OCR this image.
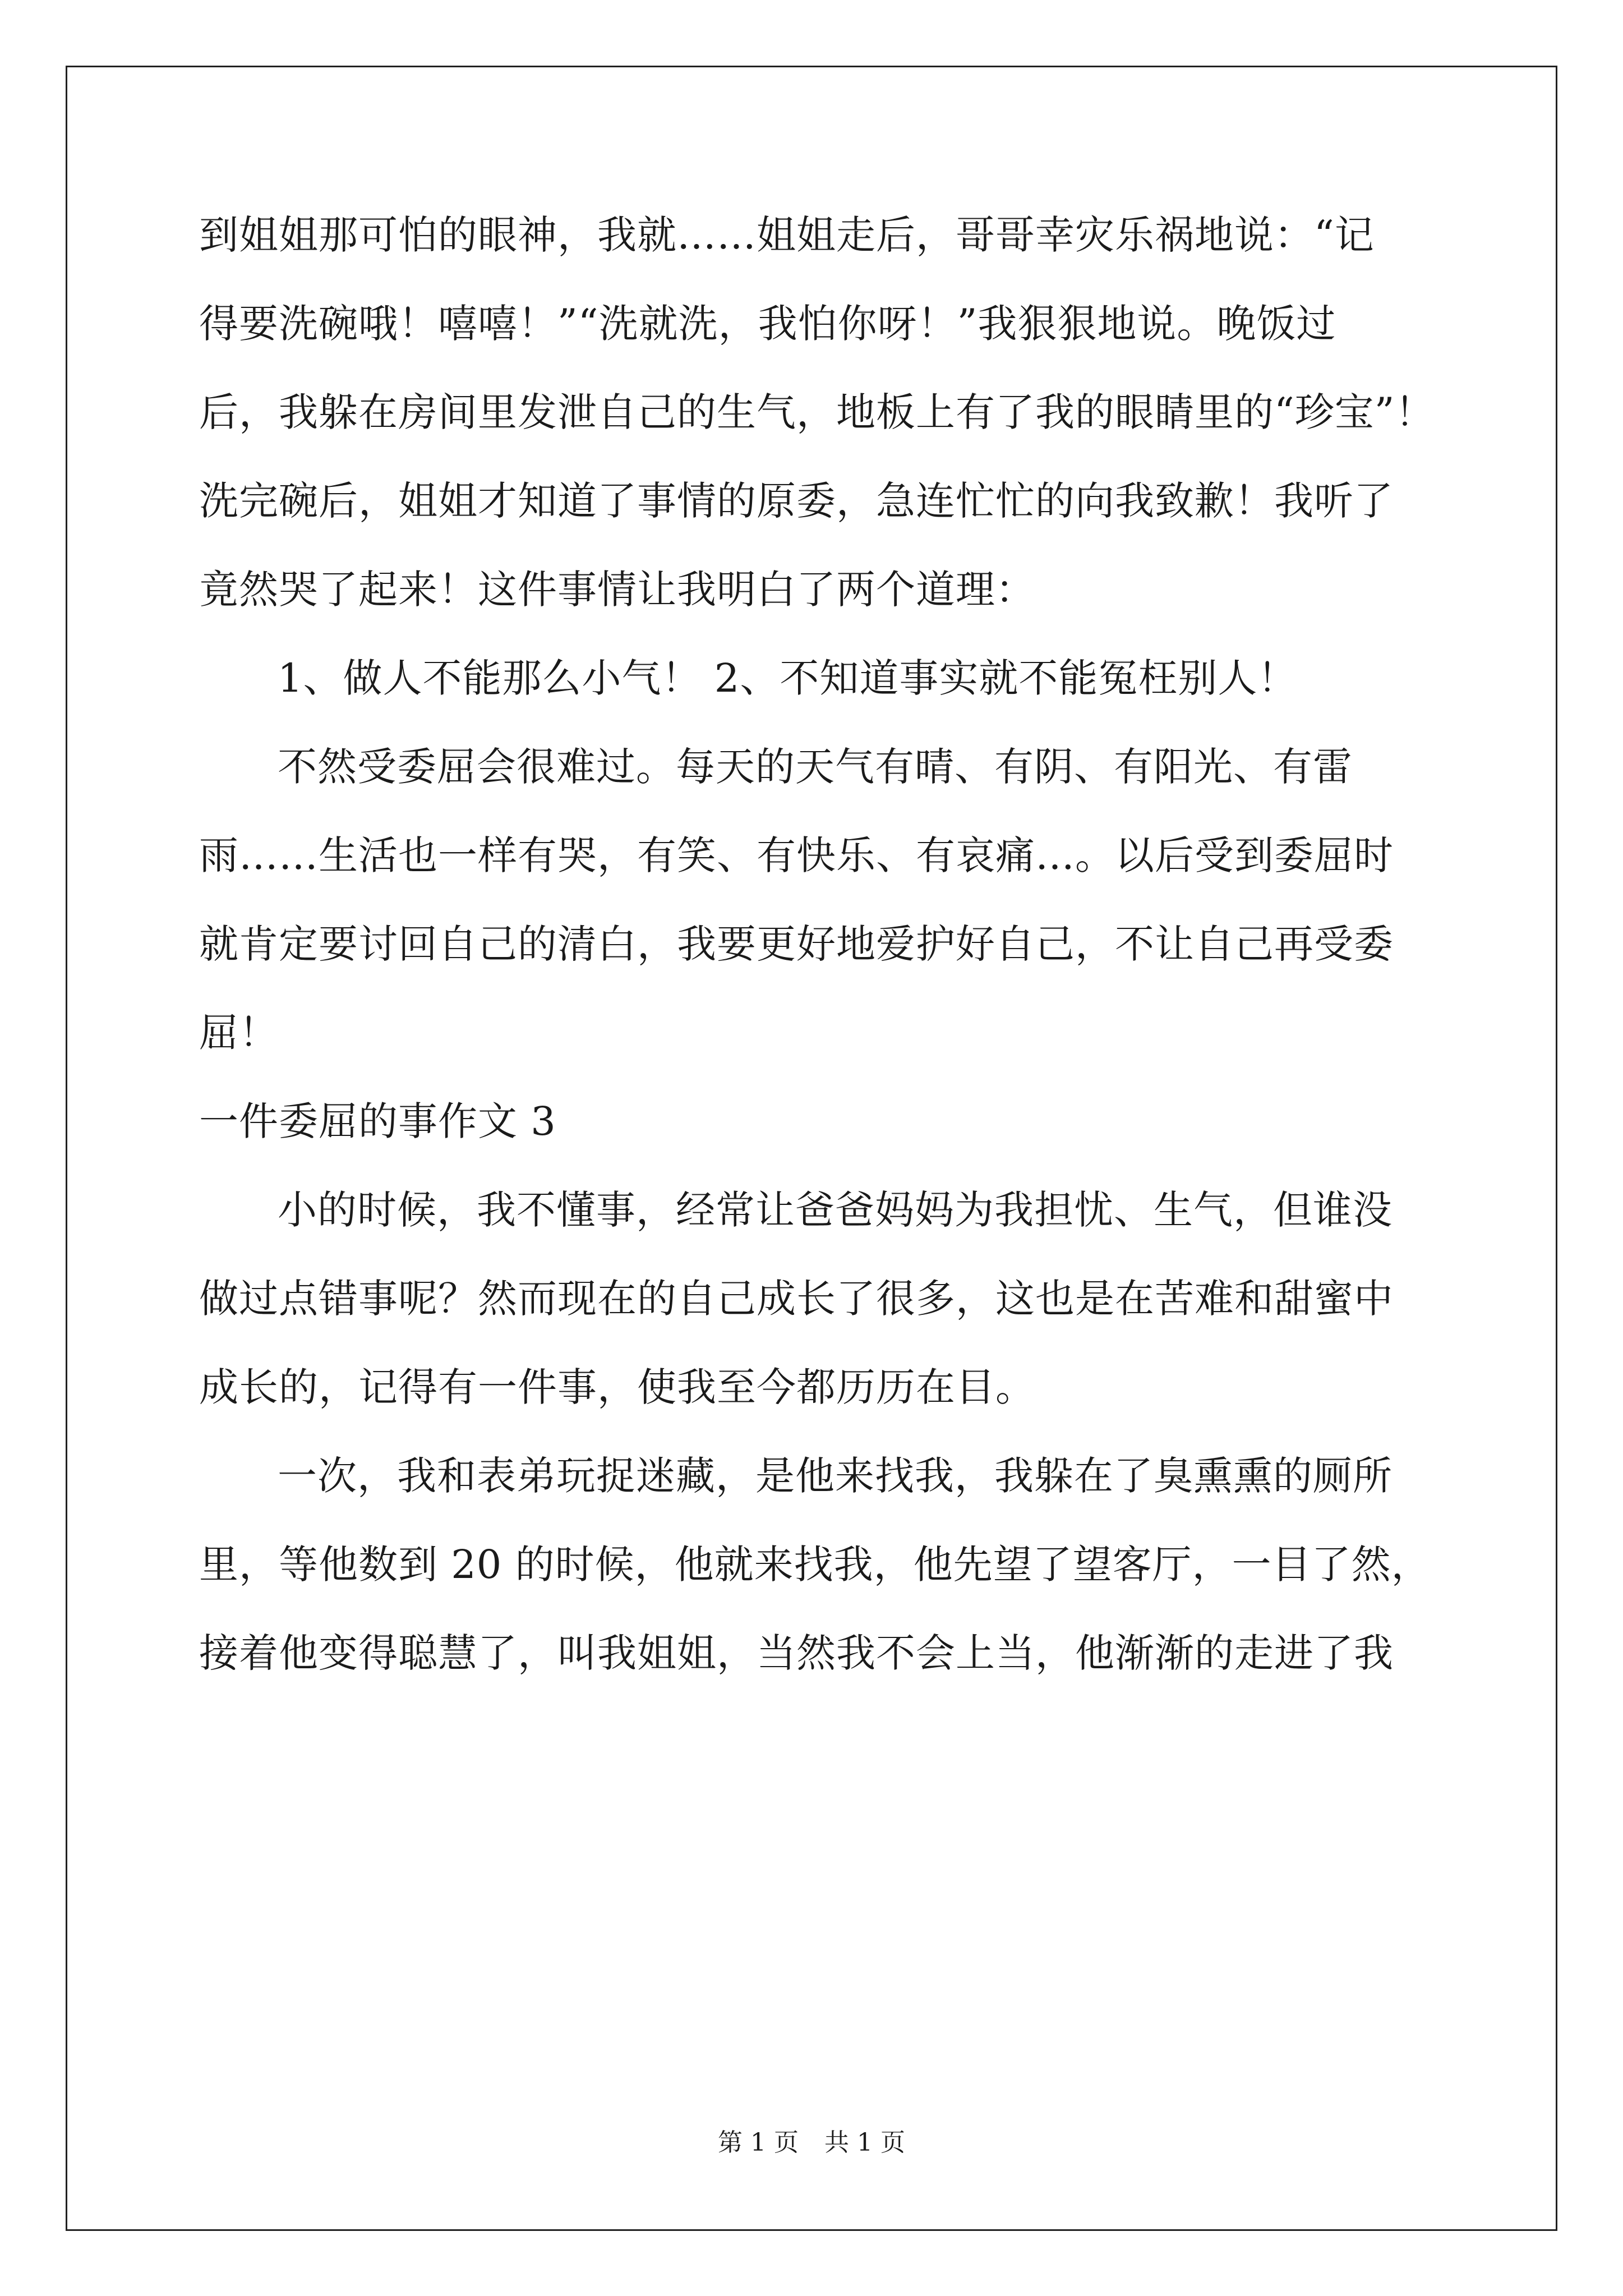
到姐姐那可怕的眼神，我就……姐姐走后，哥哥幸灾乐祸地说：“记
得要洗碗哦！嘻嘻！”“洗就洗，我怕你呀！”我狠狠地说。晚饭过
后，我躲在房间里发泄自己的生气，地板上有了我的眼睛里的“珍宝”！
洗完碗后，姐姐才知道了事情的原委，急连忙忙的向我致歉！我听了
竟然哭了起来！这件事情让我明白了两个道理：
1、做人不能那么小气！ 2、不知道事实就不能冤枉别人！
不然受委屈会很难过。每天的天气有晴、有阴、有阳光、有雷
雨……生活也一样有哭，有笑、有快乐、有哀痛…。以后受到委屈时
就肯定要讨回自己的清白，我要更好地爱护好自己，不让自己再受委
屈！
一件委屈的事作文 3
小的时候，我不懂事，经常让爸爸妈妈为我担忧、生气，但谁没
做过点错事呢？然而现在的自己成长了很多，这也是在苦难和甜蜜中
成长的，记得有一件事，使我至今都历历在目。
一次，我和表弟玩捉迷藏，是他来找我，我躲在了臭熏熏的厕所
里，等他数到 20 的时候，他就来找我，他先望了望客厅，一目了然，
接着他变得聪慧了，叫我姐姐，当然我不会上当，他渐渐的走进了我
第 1 页 共 1 页
